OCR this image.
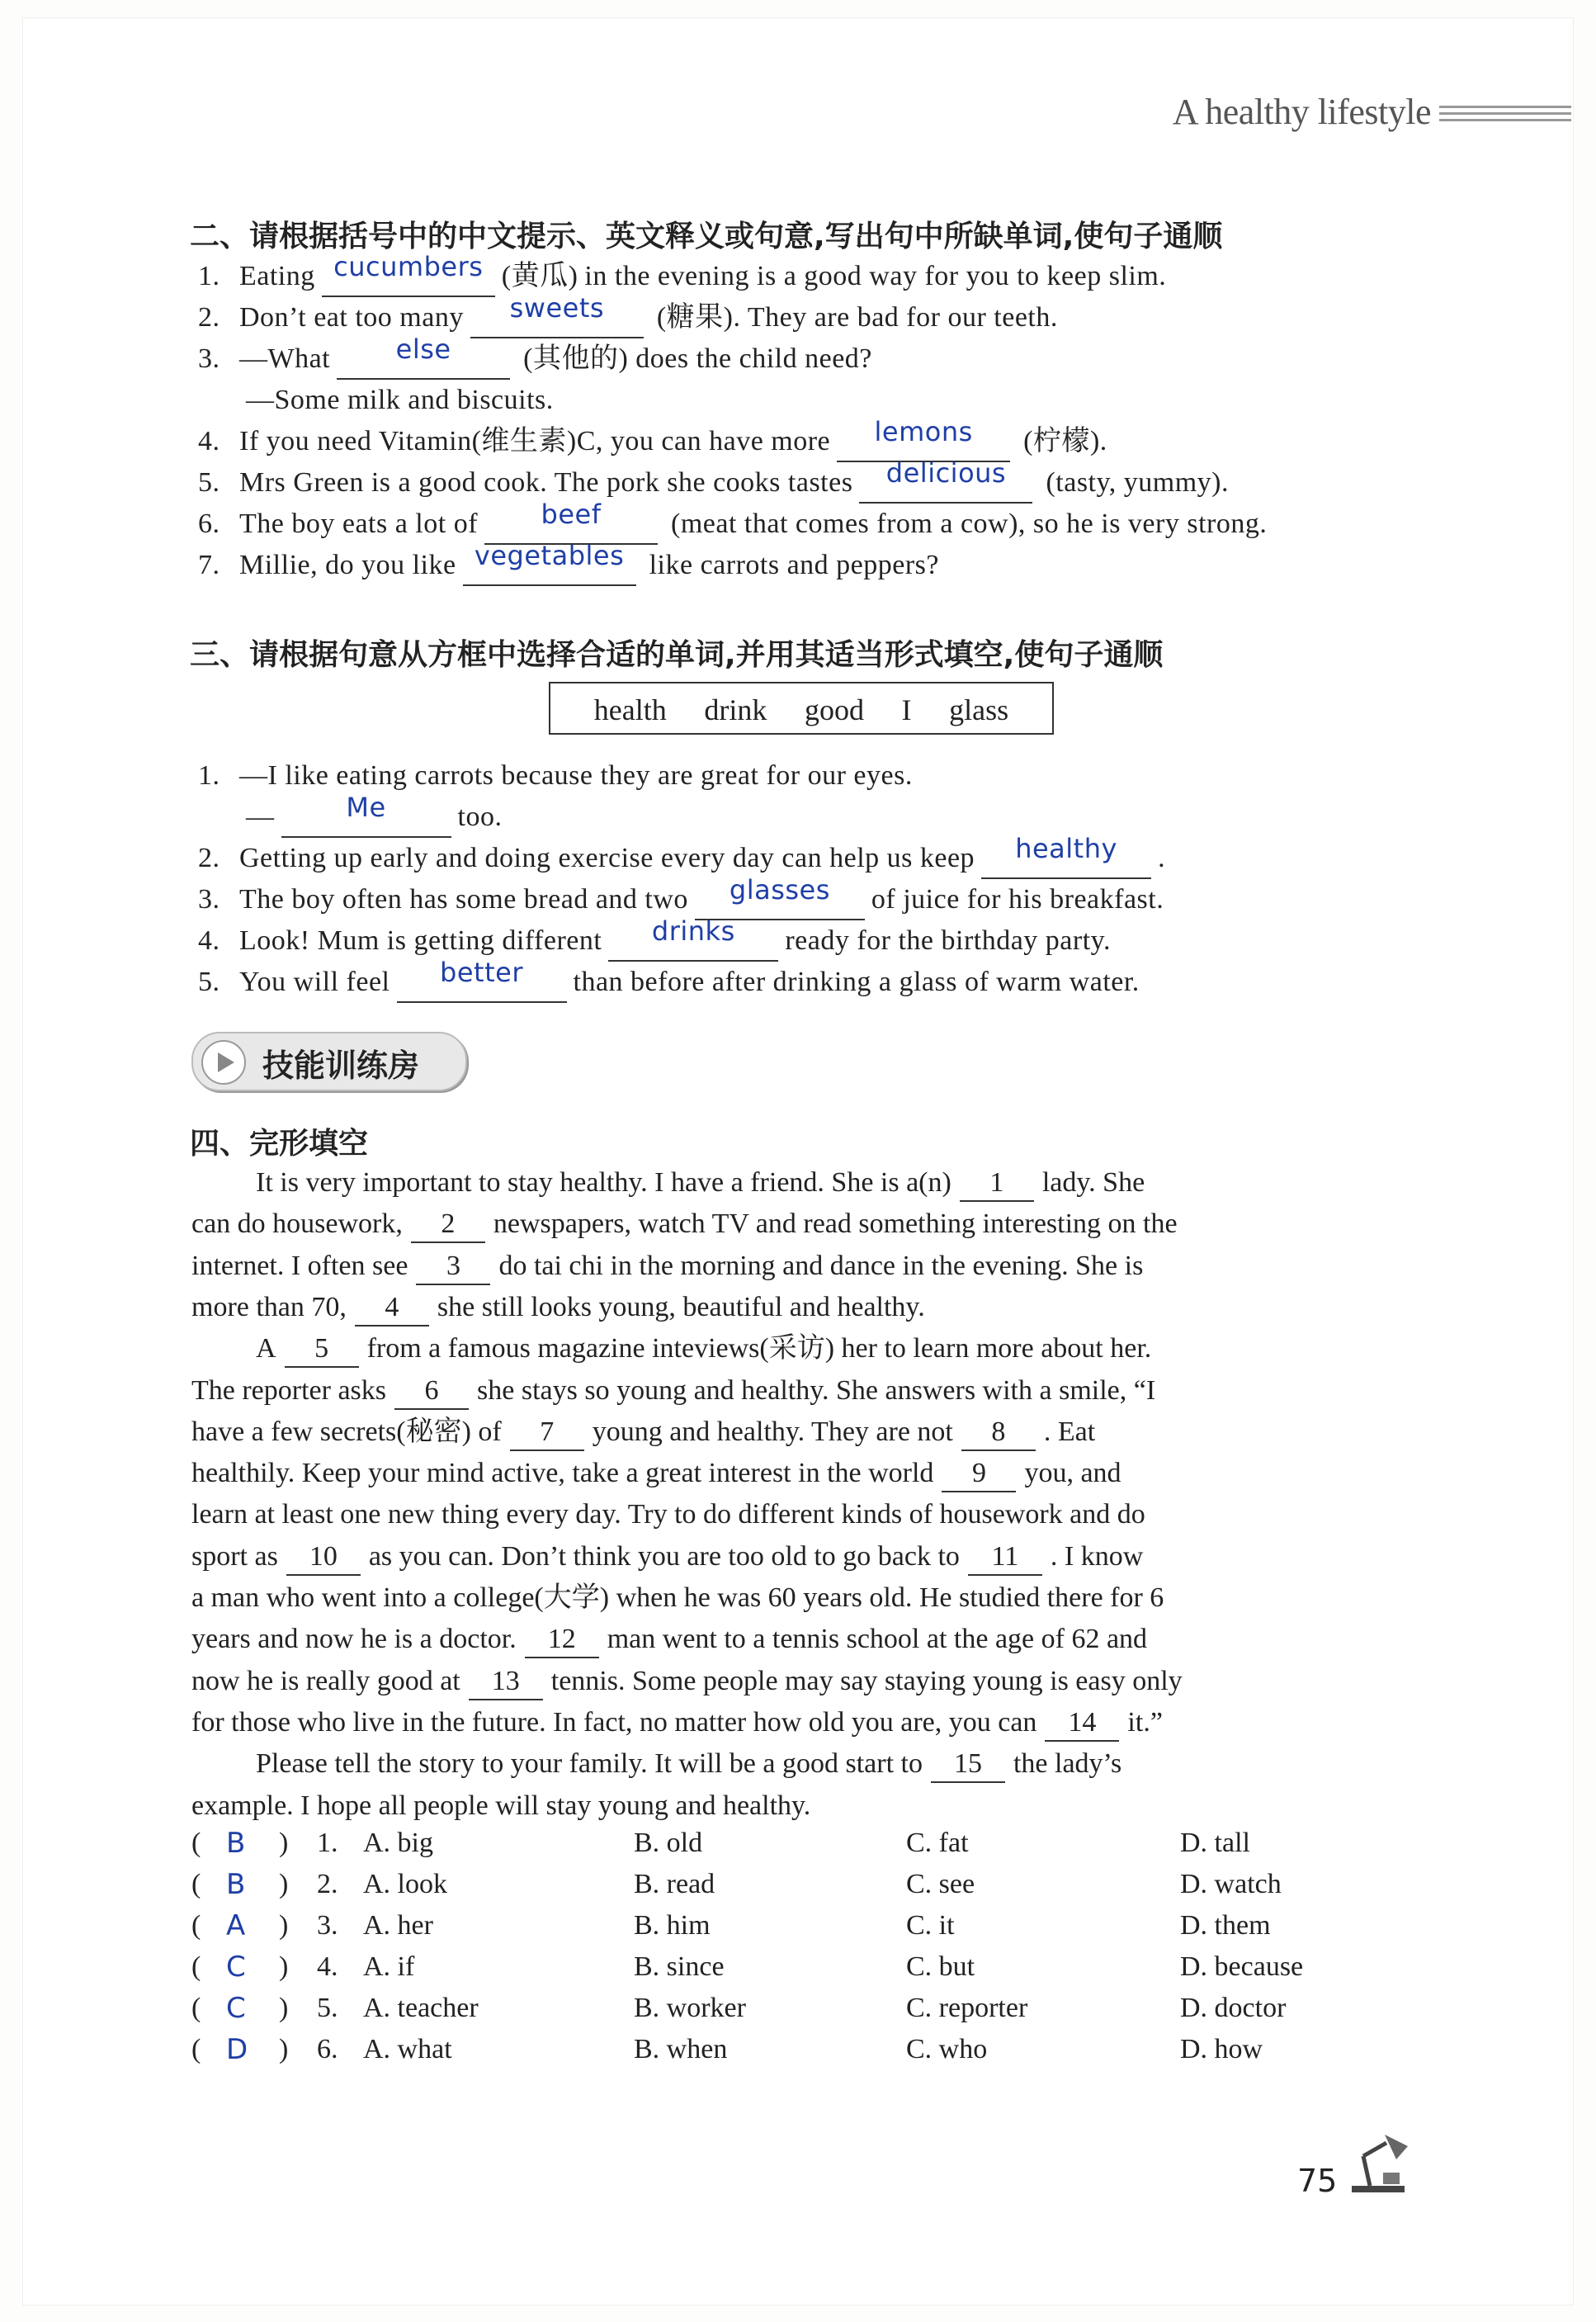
A healthy lifestyle
二、请根据括号中的中文提示、英文释义或句意,写出句中所缺单词,使句子通顺
1. Eating cucumbers (黄瓜) in the evening is a good way for you to keep slim.
2. Don’t eat too many	sweets	(糖果). They are bad for our teeth.
3. —What	else	(其他的) does the child need?
—Some milk and biscuits.
4. If you need Vitamin(维生素)C, you can have more	lemons	(柠檬).
5. Mrs Green is a good cook. The pork she cooks tastes	delicious	(tasty, yummy).
6. The boy eats a lot of	beef	(meat that comes from a cow), so he is very strong.
7. Millie, do you like vegetables like carrots and peppers?
三、请根据句意从方框中选择合适的单词,并用其适当形式填空,使句子通顺
health drink good I glass
1. —I like eating carrots because they are great for our eyes.
—	Me	too.
2. Getting up early and doing exercise every day can help us keep	healthy	.
3. The boy often has some bread and two	glasses	of juice for his breakfast.
4. Look! Mum is getting different	drinks	ready for the birthday party.
5. You will feel	better	than before after drinking a glass of warm water.
技能训练房
四、完形填空
It is very important to stay healthy. I have a friend. She is a(n) 1 lady. She
can do housework, 2 newspapers, watch TV and read something interesting on the
internet. I often see 3 do tai chi in the morning and dance in the evening. She is
more than 70, 4 she still looks young, beautiful and healthy.
A 5 from a famous magazine inteviews(采访) her to learn more about her.
The reporter asks 6 she stays so young and healthy. She answers with a smile, “I
have a few secrets(秘密) of 7 young and healthy. They are not 8 . Eat
healthily. Keep your mind active, take a great interest in the world 9 you, and
learn at least one new thing every day. Try to do different kinds of housework and do
sport as 10 as you can. Don’t think you are too old to go back to 11 . I know
a man who went into a college(大学) when he was 60 years old. He studied there for 6
years and now he is a doctor. 12 man went to a tennis school at the age of 62 and
now he is really good at 13 tennis. Some people may say staying young is easy only
for those who live in the future. In fact, no matter how old you are, you can 14 it.”
Please tell the story to your family. It will be a good start to 15 the lady’s
example. I hope all people will stay young and healthy.
( B ) 1. A. big	B. old	C. fat	D. tall
( B ) 2. A. look	B. read	C. see	D. watch
( A ) 3. A. her	B. him	C. it	D. them
( C ) 4. A. if	B. since	C. but	D. because
( C ) 5. A. teacher	B. worker	C. reporter	D. doctor
( D ) 6. A. what	B. when	C. who	D. how
75
